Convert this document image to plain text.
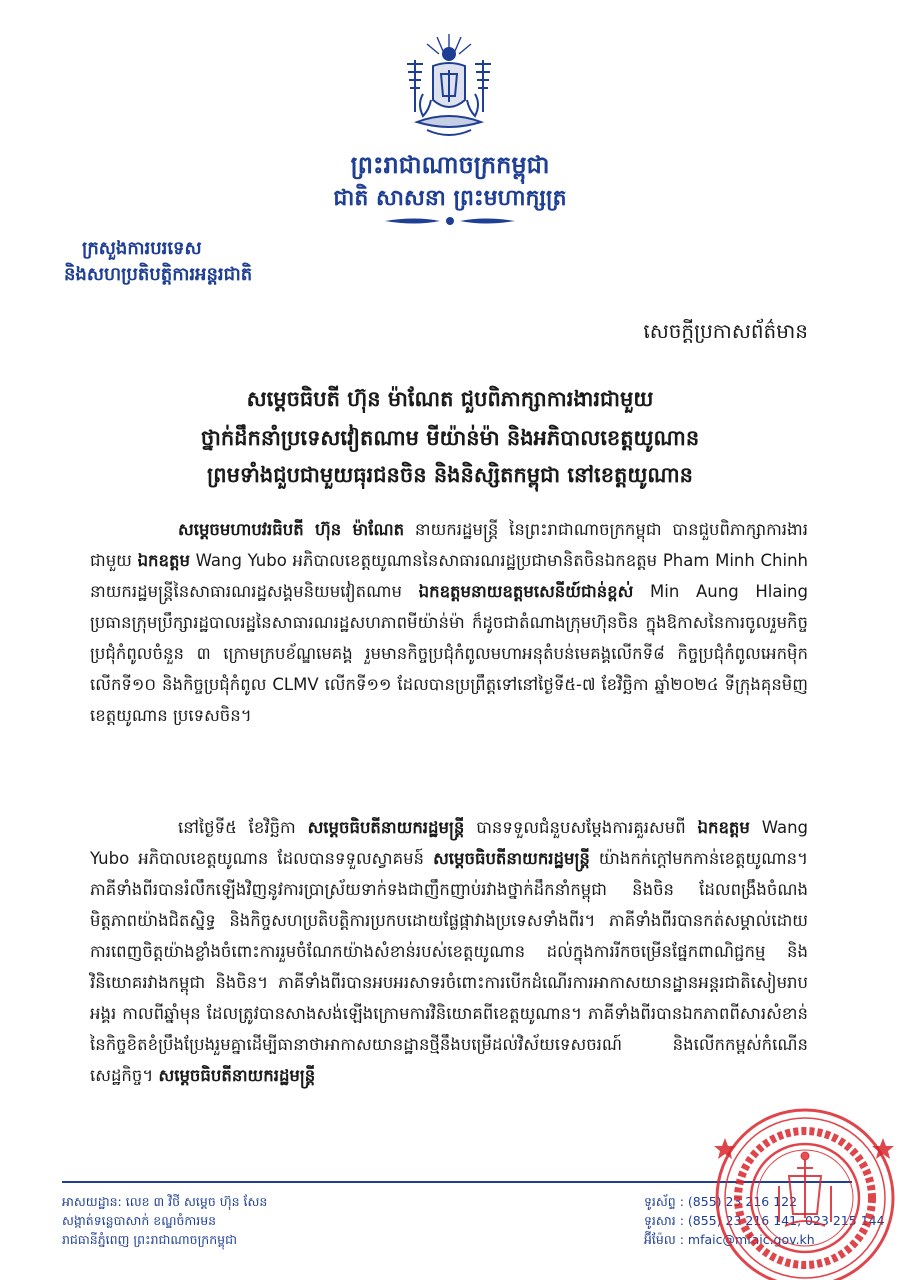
ព្រះរាជាណាចក្រកម្ពុជា
ជាតិ សាសនា ព្រះមហាក្សត្រ
ក្រសួងការបរទេស
និងសហប្រតិបត្តិការអន្តរជាតិ
សេចក្តីប្រកាសព័ត៌មាន
សម្តេចធិបតី ហ៊ុន ម៉ាណែត ជួបពិភាក្សាការងារជាមួយ
ថ្នាក់ដឹកនាំប្រទេសវៀតណាម មីយ៉ាន់ម៉ា និងអភិបាលខេត្តយូណាន
ព្រមទាំងជួបជាមួយធុរជនចិន និងនិស្សិតកម្ពុជា នៅខេត្តយូណាន

សម្តេចមហាបវរធិបតី ហ៊ុន ម៉ាណែត នាយករដ្ឋមន្ត្រី នៃព្រះរាជាណាចក្រកម្ពុជា បានជួបពិភាក្សាការងារជាមួយ ឯកឧត្តម Wang Yubo អភិបាលខេត្តយូណាននៃសាធារណរដ្ឋប្រជាមានិតចិនឯកឧត្តម Pham Minh Chinh នាយករដ្ឋមន្ត្រីនៃសាធារណរដ្ឋសង្គមនិយមវៀតណាម ឯកឧត្តមនាយឧត្តមសេនីយ៍ជាន់ខ្ពស់ Min Aung Hlaing ប្រធានក្រុមប្រឹក្សារដ្ឋបាលរដ្ឋនៃសាធារណរដ្ឋសហភាពមីយ៉ាន់ម៉ា ក៏ដូចជាតំណាងក្រុមហ៊ុនចិន ក្នុងឱកាសនៃការចូលរួមកិច្ចប្រជុំកំពូលចំនួន ៣ ក្រោមក្របខ័ណ្ឌមេគង្គ រួមមានកិច្ចប្រជុំកំពូលមហាអនុតំបន់មេគង្គលើកទី៨ កិច្ចប្រជុំកំពូលអេកម៉ិកលើកទី១០ និងកិច្ចប្រជុំកំពូល CLMV លើកទី១១ ដែលបានប្រព្រឹត្តទៅនៅថ្ងៃទី៥-៧ ខែវិច្ឆិកា ឆ្នាំ២០២៤ ទីក្រុងគុនមិញ ខេត្តយូណាន ប្រទេសចិន។

នៅថ្ងៃទី៥ ខែវិច្ឆិកា សម្តេចធិបតីនាយករដ្ឋមន្ត្រី បានទទួលជំនួបសម្តែងការគួរសមពី ឯកឧត្តម Wang Yubo អភិបាលខេត្តយូណាន ដែលបានទទួលស្វាគមន៍ សម្តេចធិបតីនាយករដ្ឋមន្ត្រី យ៉ាងកក់ក្តៅមកកាន់ខេត្តយូណាន។ ភាគីទាំងពីរបានរំលឹកឡើងវិញនូវការប្រាស្រ័យទាក់ទងជាញឹកញាប់រវាងថ្នាក់ដឹកនាំកម្ពុជា និងចិន ដែលពង្រឹងចំណងមិត្តភាពយ៉ាងជិតស្និទ្ធ និងកិច្ចសហប្រតិបត្តិការប្រកបដោយផ្លែផ្កាវាងប្រទេសទាំងពីរ។ ភាគីទាំងពីរបានកត់សម្គាល់ដោយការពេញចិត្តយ៉ាងខ្លាំងចំពោះការរួមចំណែកយ៉ាងសំខាន់របស់ខេត្តយូណាន ដល់ក្នុងការរីកចម្រើនផ្នែកពាណិជ្ជកម្ម និងវិនិយោគរវាងកម្ពុជា និងចិន។ ភាគីទាំងពីរបានអបអរសាទរចំពោះការបើកដំណើរការអាកាសយានដ្ឋានអន្តរជាតិសៀមរាបអង្គរ កាលពីឆ្នាំមុន ដែលត្រូវបានសាងសង់ឡើងក្រោមការវិនិយោគពីខេត្តយូណាន។ ភាគីទាំងពីរបានឯកភាពពីសារសំខាន់នៃកិច្ចខិតខំប្រឹងប្រែងរួមគ្នាដើម្បីធានាថាអាកាសយានដ្ឋានថ្មីនឹងបម្រើដល់វិស័យទេសចរណ៍ និងលើកកម្ពស់កំណើនសេដ្ឋកិច្ច។ សម្តេចធិបតីនាយករដ្ឋមន្ត្រី

អាសយដ្ឋាន: លេខ ៣ វិថី សម្តេច ហ៊ុន សែន
សង្កាត់ទន្លេបាសាក់ ខណ្ឌចំការមន
រាជធានីភ្នំពេញ ព្រះរាជាណាចក្រកម្ពុជា
ទូរស័ព្ទ : (855) 23 216 122
ទូរសារ : (855) 23 216 141, 023 215 144
អ៊ីម៉ែល : mfaic@mfaic.gov.kh
